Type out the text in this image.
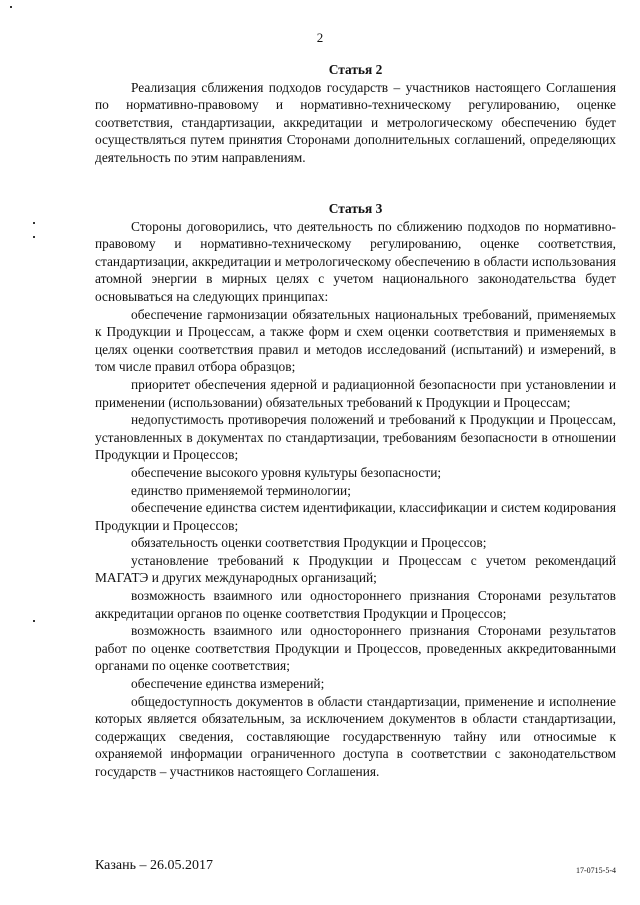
2
Статья 2

Реализация сближения подходов государств – участников настоящего Соглашения по нормативно-правовому и нормативно-техническому регулированию, оценке соответствия, стандартизации, аккредитации и метрологическому обеспечению будет осуществляться путем принятия Сторонами дополнительных соглашений, определяющих деятельность по этим направлениям.

Статья 3

Стороны договорились, что деятельность по сближению подходов по нормативно-правовому и нормативно-техническому регулированию, оценке соответствия, стандартизации, аккредитации и метрологическому обеспечению в области использования атомной энергии в мирных целях с учетом национального законодательства будет основываться на следующих принципах:

обеспечение гармонизации обязательных национальных требований, применяемых к Продукции и Процессам, а также форм и схем оценки соответствия и применяемых в целях оценки соответствия правил и методов исследований (испытаний) и измерений, в том числе правил отбора образцов;

приоритет обеспечения ядерной и радиационной безопасности при установлении и применении (использовании) обязательных требований к Продукции и Процессам;

недопустимость противоречия положений и требований к Продукции и Процессам, установленных в документах по стандартизации, требованиям безопасности в отношении Продукции и Процессов;

обеспечение высокого уровня культуры безопасности;

единство применяемой терминологии;

обеспечение единства систем идентификации, классификации и систем кодирования Продукции и Процессов;

обязательность оценки соответствия Продукции и Процессов;

установление требований к Продукции и Процессам с учетом рекомендаций МАГАТЭ и других международных организаций;

возможность взаимного или одностороннего признания Сторонами результатов аккредитации органов по оценке соответствия Продукции и Процессов;

возможность взаимного или одностороннего признания Сторонами результатов работ по оценке соответствия Продукции и Процессов, проведенных аккредитованными органами по оценке соответствия;

обеспечение единства измерений;

общедоступность документов в области стандартизации, применение и исполнение которых является обязательным, за исключением документов в области стандартизации, содержащих сведения, составляющие государственную тайну или относимые к охраняемой информации ограниченного доступа в соответствии с законодательством государств – участников настоящего Соглашения.

Казань – 26.05.2017	17-0715-5-4
